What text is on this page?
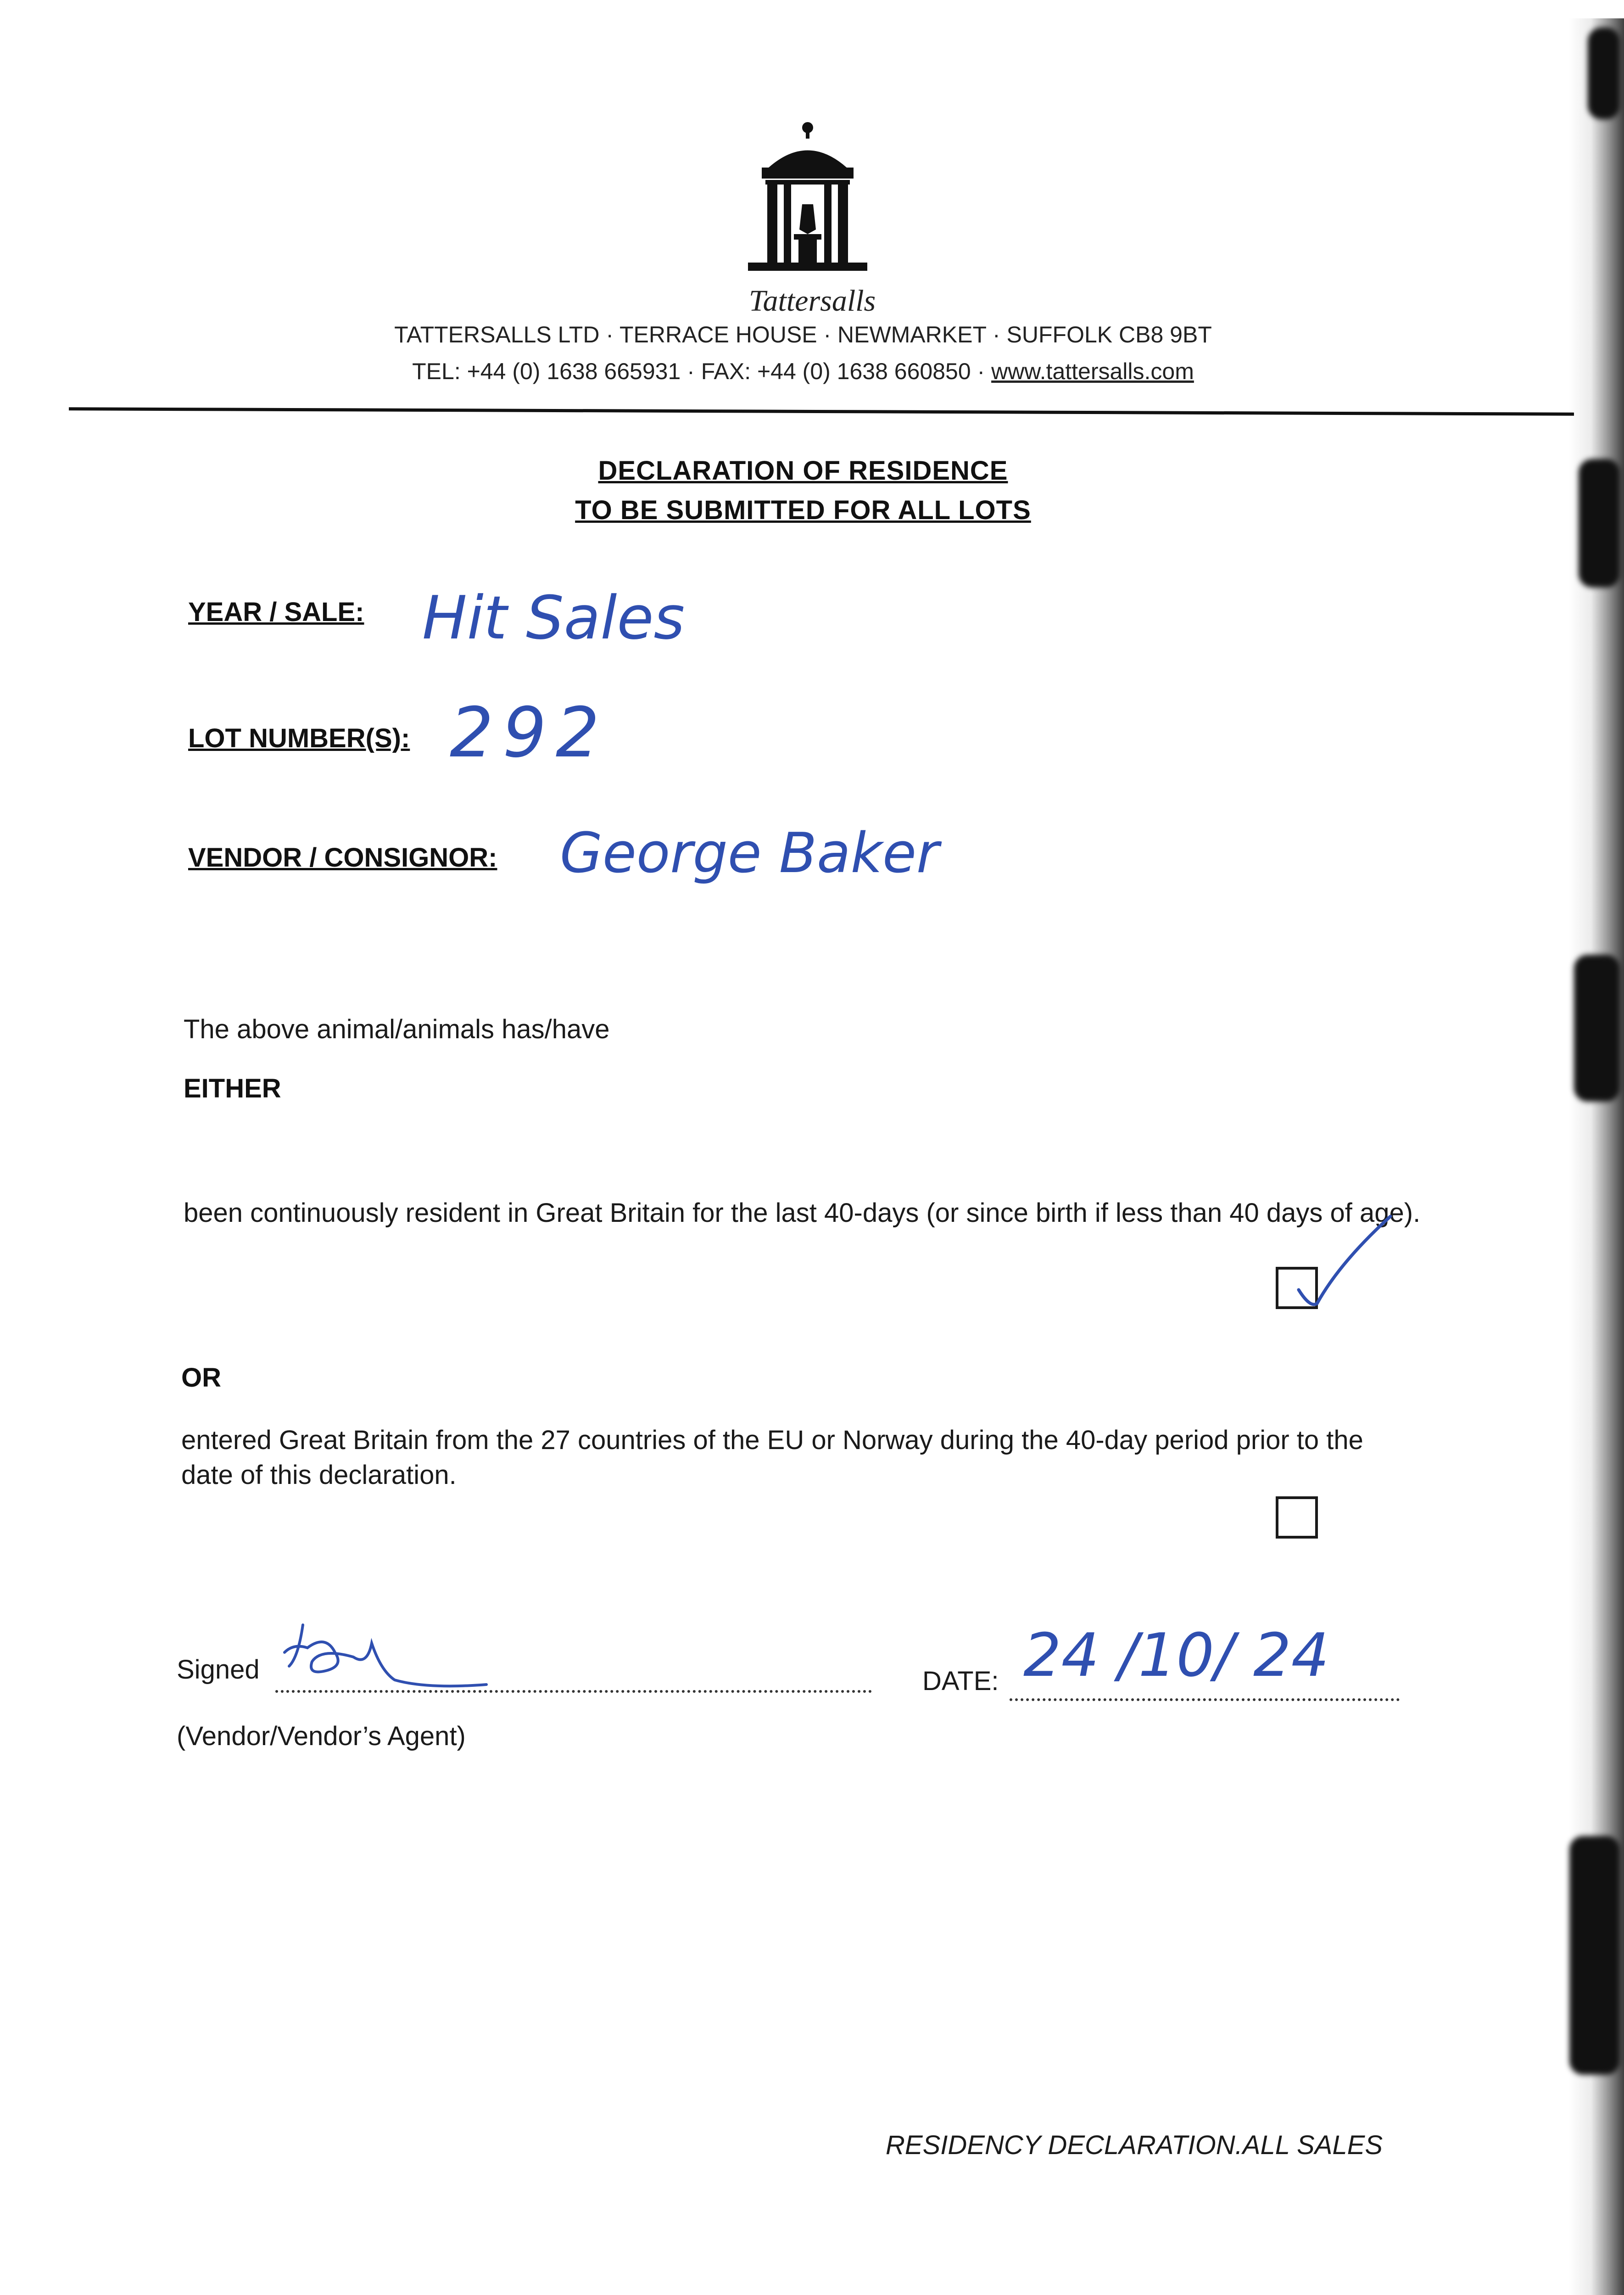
Tattersalls
TATTERSALLS LTD · TERRACE HOUSE · NEWMARKET · SUFFOLK CB8 9BT
TEL: +44 (0) 1638 665931 · FAX: +44 (0) 1638 660850 · www.tattersalls.com
DECLARATION OF RESIDENCE
TO BE SUBMITTED FOR ALL LOTS
YEAR / SALE: Hit Sales
LOT NUMBER(S): 292
VENDOR / CONSIGNOR: George Baker
The above animal/animals has/have
EITHER
been continuously resident in Great Britain for the last 40-days (or since birth if less than 40 days of age).
OR
entered Great Britain from the 27 countries of the EU or Norway during the 40-day period prior to the date of this declaration.
Signed
(Vendor/Vendor’s Agent)
DATE: 24 /10/ 24
RESIDENCY DECLARATION.ALL SALES
